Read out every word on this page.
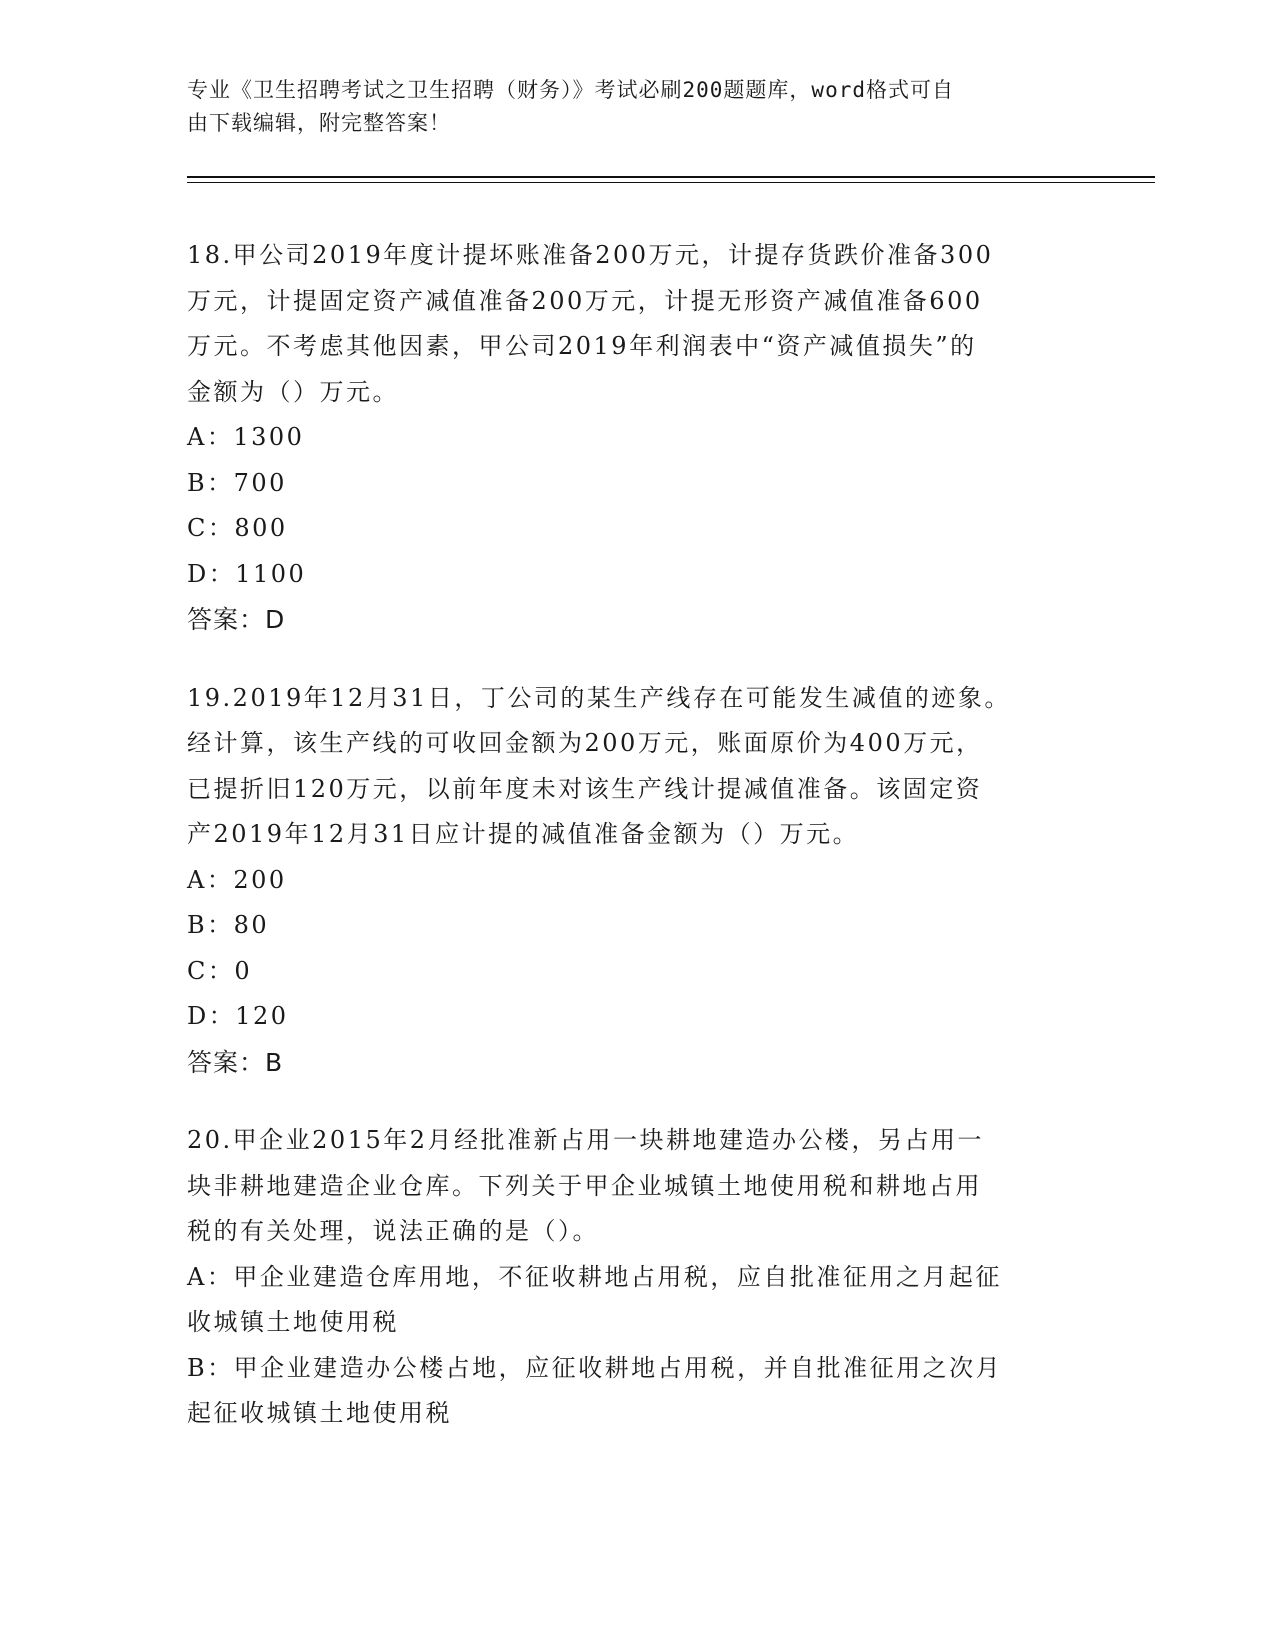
专业《卫生招聘考试之卫生招聘（财务）》考试必刷200题题库，word格式可自
由下载编辑，附完整答案！
18.甲公司2019年度计提坏账准备200万元，计提存货跌价准备300
万元，计提固定资产减值准备200万元，计提无形资产减值准备600
万元。不考虑其他因素，甲公司2019年利润表中“资产减值损失”的
金额为（）万元。
A：1300
B：700
C：800
D：1100
答案：D
19.2019年12月31日，丁公司的某生产线存在可能发生减值的迹象。
经计算，该生产线的可收回金额为200万元，账面原价为400万元，
已提折旧120万元，以前年度未对该生产线计提减值准备。该固定资
产2019年12月31日应计提的减值准备金额为（）万元。
A：200
B：80
C：0
D：120
答案：B
20.甲企业2015年2月经批准新占用一块耕地建造办公楼，另占用一
块非耕地建造企业仓库。下列关于甲企业城镇土地使用税和耕地占用
税的有关处理，说法正确的是（）。
A：甲企业建造仓库用地，不征收耕地占用税，应自批准征用之月起征
收城镇土地使用税
B：甲企业建造办公楼占地，应征收耕地占用税，并自批准征用之次月
起征收城镇土地使用税
